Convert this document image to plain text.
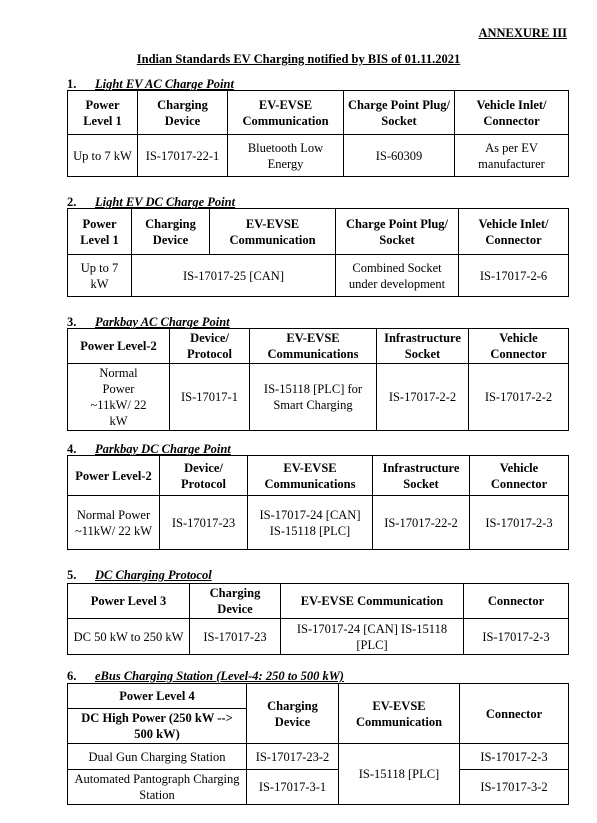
ANNEXURE III
Indian Standards EV Charging notified by BIS of 01.11.2021
1. Light EV AC Charge Point
Power Level 1	Charging Device	EV-EVSE Communication	Charge Point Plug/ Socket	Vehicle Inlet/ Connector
Up to 7 kW	IS-17017-22-1	Bluetooth Low Energy	IS-60309	As per EV manufacturer
2. Light EV DC Charge Point
Power Level 1	Charging Device	EV-EVSE Communication	Charge Point Plug/ Socket	Vehicle Inlet/ Connector
Up to 7 kW	IS-17017-25 [CAN]		Combined Socket under development	IS-17017-2-6
3. Parkbay AC Charge Point
Power Level-2	Device/ Protocol	EV-EVSE Communications	Infrastructure Socket	Vehicle Connector
Normal Power ~11kW/ 22 kW	IS-17017-1	IS-15118 [PLC] for Smart Charging	IS-17017-2-2	IS-17017-2-2
4. Parkbay DC Charge Point
Power Level-2	Device/ Protocol	EV-EVSE Communications	Infrastructure Socket	Vehicle Connector
Normal Power ~11kW/ 22 kW	IS-17017-23	IS-17017-24 [CAN] IS-15118 [PLC]	IS-17017-22-2	IS-17017-2-3
5. DC Charging Protocol
Power Level 3	Charging Device	EV-EVSE Communication	Connector
DC 50 kW to 250 kW	IS-17017-23	IS-17017-24 [CAN] IS-15118 [PLC]	IS-17017-2-3
6. eBus Charging Station (Level-4: 250 to 500 kW)
Power Level 4	Charging Device	EV-EVSE Communication	Connector
DC High Power (250 kW --> 500 kW)			
Dual Gun Charging Station	IS-17017-23-2	IS-15118 [PLC]	IS-17017-2-3
Automated Pantograph Charging Station	IS-17017-3-1		IS-17017-3-2
